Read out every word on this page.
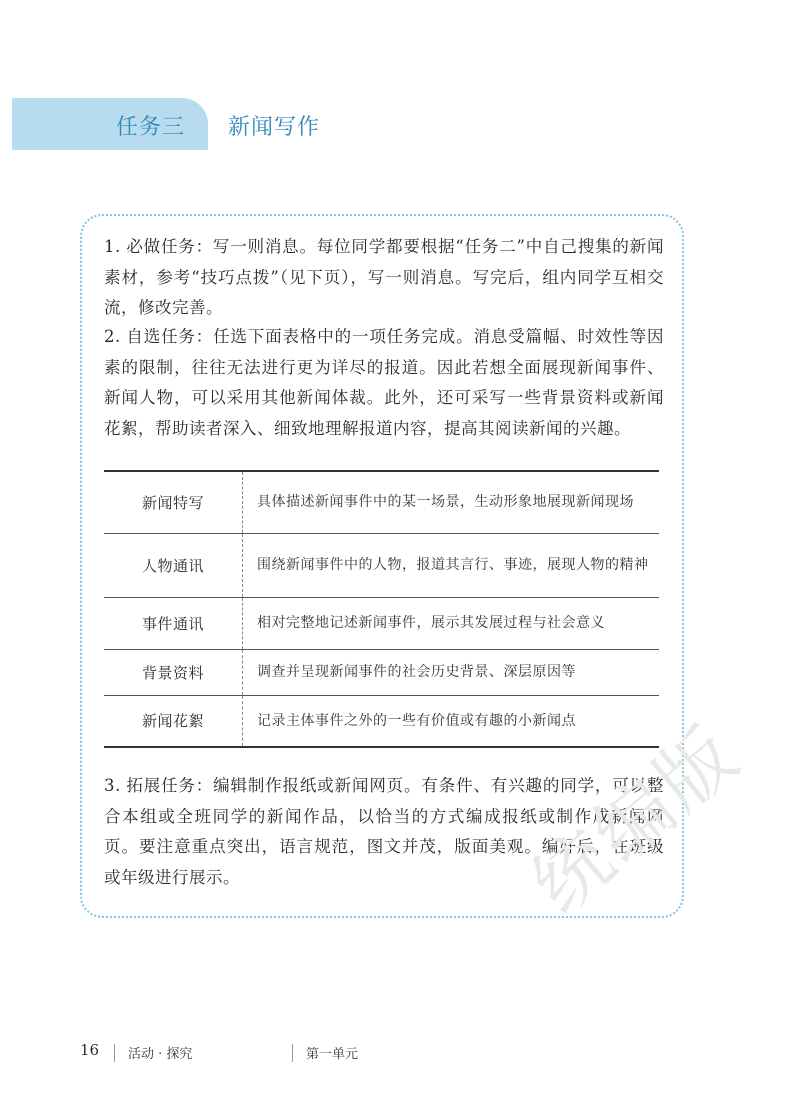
任务三 新闻写作

1. 必做任务：写一则消息。每位同学都要根据“任务二”中自己搜集的新闻素材，参考“技巧点拨”（见下页），写一则消息。写完后，组内同学互相交流，修改完善。

2. 自选任务：任选下面表格中的一项任务完成。消息受篇幅、时效性等因素的限制，往往无法进行更为详尽的报道。因此若想全面展现新闻事件、新闻人物，可以采用其他新闻体裁。此外，还可采写一些背景资料或新闻花絮，帮助读者深入、细致地理解报道内容，提高其阅读新闻的兴趣。

新闻特写	具体描述新闻事件中的某一场景，生动形象地展现新闻现场
人物通讯	围绕新闻事件中的人物，报道其言行、事迹，展现人物的精神
事件通讯	相对完整地记述新闻事件，展示其发展过程与社会意义
背景资料	调查并呈现新闻事件的社会历史背景、深层原因等
新闻花絮	记录主体事件之外的一些有价值或有趣的小新闻点

3. 拓展任务：编辑制作报纸或新闻网页。有条件、有兴趣的同学，可以整合本组或全班同学的新闻作品，以恰当的方式编成报纸或制作成新闻网页。要注意重点突出，语言规范，图文并茂，版面美观。编好后，在班级或年级进行展示。	统编版
16 活动 · 探究	第一单元
